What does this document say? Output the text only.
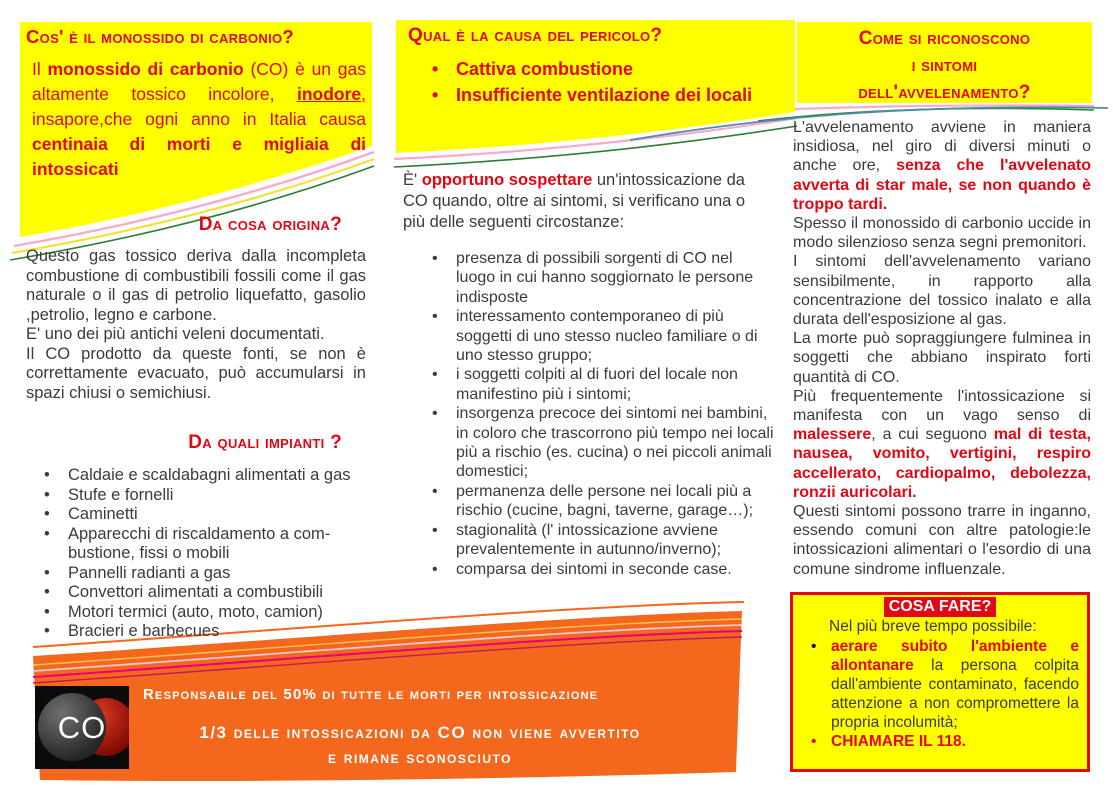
Cos' è il monossido di carbonio?

Il monossido di carbonio (CO) è un gas altamente tossico incolore, inodore, insapore,che ogni anno in Italia causa centinaia di morti e migliaia di intossicati

Da cosa origina?

Questo gas tossico deriva dalla incompleta combustione di combustibili fossili come il gas naturale o il gas di petrolio liquefatto, gasolio ,petrolio, legno e carbone.

E' uno dei più antichi veleni documentati.

Il CO prodotto da queste fonti, se non è correttamente evacuato, può accumularsi in spazi chiusi o semichiusi.

Da quali impianti ?
• Caldaie e scaldabagni alimentati a gas
• Stufe e fornelli
• Caminetti
• Apparecchi di riscaldamento a com-bustione, fissi o mobili
• Pannelli radianti a gas
• Convettori alimentati a combustibili
• Motori termici (auto, moto, camion)
• Bracieri e barbecues
Qual è la causa del pericolo?
• Cattiva combustione
• Insufficiente ventilazione dei locali

È' opportuno sospettare un'intossicazione da CO quando, oltre ai sintomi, si verificano una o più delle seguenti circostanze:

• presenza di possibili sorgenti di CO nel luogo in cui hanno soggiornato le persone indisposte
• interessamento contemporaneo di più soggetti di uno stesso nucleo familiare o di uno stesso gruppo;
• i soggetti colpiti al di fuori del locale non manifestino più i sintomi;
• insorgenza precoce dei sintomi nei bambini, in coloro che trascorrono più tempo nei locali più a rischio (es. cucina) o nei piccoli animali domestici;
• permanenza delle persone nei locali più a rischio (cucine, bagni, taverne, garage…);
• stagionalità (l' intossicazione avviene prevalentemente in autunno/inverno);
• comparsa dei sintomi in seconde case.
Come si riconoscono
i sintomi
dell'avvelenamento?
L'avvelenamento avviene in maniera insidiosa, nel giro di diversi minuti o anche ore, senza che l'avvelenato avverta di star male, se non quando è troppo tardi.
Spesso il monossido di carbonio uccide in modo silenzioso senza segni premonitori.
I sintomi dell'avvelenamento variano sensibilmente, in rapporto alla concentrazione del tossico inalato e alla durata dell'esposizione al gas.
La morte può sopraggiungere fulminea in soggetti che abbiano inspirato forti quantità di CO.
Più frequentemente l'intossicazione si manifesta con un vago senso di malessere, a cui seguono mal di testa, nausea, vomito, vertigini, respiro accellerato, cardiopalmo, debolezza, ronzii auricolari.
Questi sintomi possono trarre in inganno, essendo comuni con altre patologie:le intossicazioni alimentari o l'esordio di una comune sindrome influenzale.
COSA FARE?
Nel più breve tempo possibile:
• aerare subito l'ambiente e allontanare la persona colpita dall'ambiente contaminato, facendo attenzione a non compromettere la propria incolumità;
• CHIAMARE IL 118.
CO
Responsabile del 50% di tutte le morti per intossicazione
1/3 delle intossicazioni da CO non viene avvertito
e rimane sconosciuto
